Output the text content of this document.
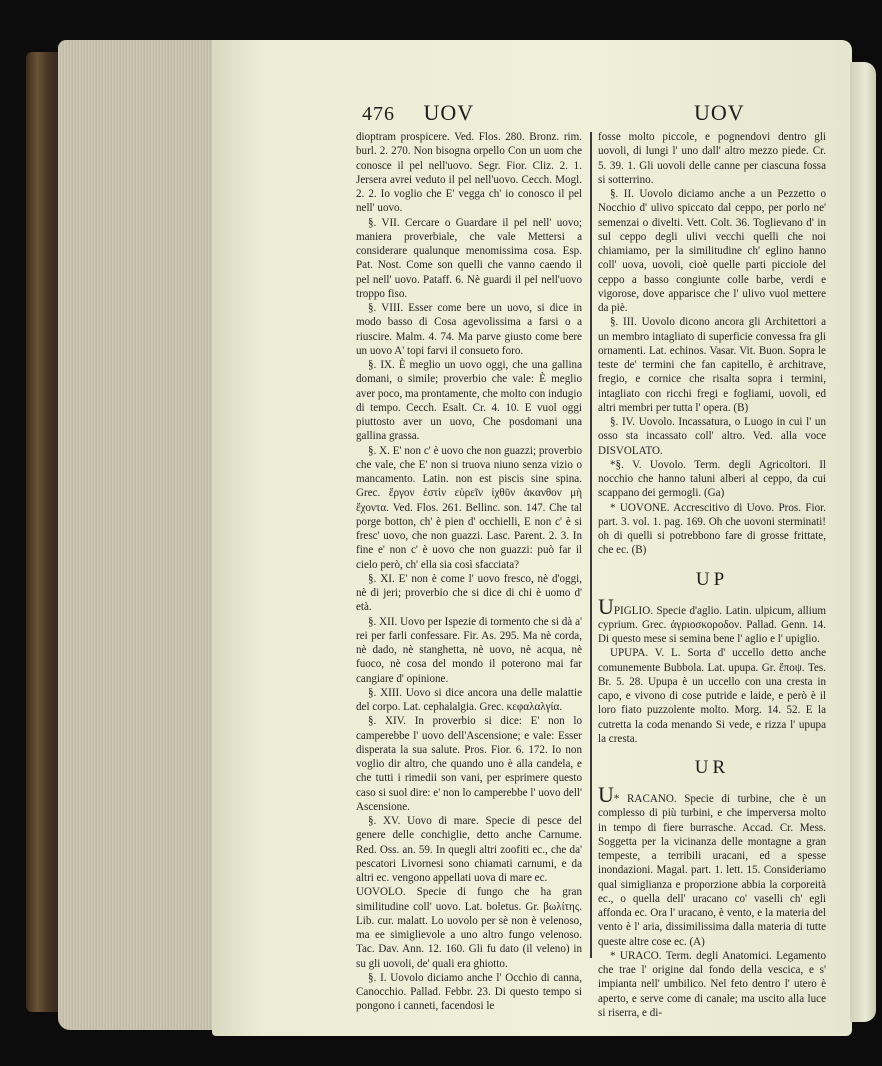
476 UOV	UOV

dioptram prospicere. Ved. Flos. 280. Bronz. rim. burl. 2. 270. Non bisogna orpello Con un uom che conosce il pel nell'uovo. Segr. Fior. Cliz. 2. 1. Jersera avrei veduto il pel nell'uovo. Cecch. Mogl. 2. 2. Io voglio che E' vegga ch' io conosco il pel nell' uovo.

§. VII. Cercare o Guardare il pel nell' uovo; maniera proverbiale, che vale Mettersi a considerare qualunque menomissima cosa. Esp. Pat. Nost. Come son quelli che vanno caendo il pel nell' uovo. Pataff. 6. Nè guardi il pel nell'uovo troppo fiso.

§. VIII. Esser come bere un uovo, si dice in modo basso di Cosa agevolissima a farsi o a riuscire. Malm. 4. 74. Ma parve giusto come bere un uovo A' topi farvi il consueto foro.

§. IX. È meglio un uovo oggi, che una gallina domani, o simile; proverbio che vale: È meglio aver poco, ma prontamente, che molto con indugio di tempo. Cecch. Esalt. Cr. 4. 10. E vuol oggi piuttosto aver un uovo, Che posdomani una gallina grassa.

§. X. E' non c' è uovo che non guazzi; proverbio che vale, che E' non si truova niuno senza vizio o mancamento. Latin. non est piscis sine spina. Grec. ἔργον ἐστὶν εὑρεῖν ἰχθῦν ἀκανθον μὴ ἔχοντα. Ved. Flos. 261. Bellinc. son. 147. Che tal porge botton, ch' è pien d' occhielli, E non c' è si fresc' uovo, che non guazzi. Lasc. Parent. 2. 3. In fine e' non c' è uovo che non guazzi: può far il cielo però, ch' ella sia così sfacciata?

§. XI. E' non è come l' uovo fresco, nè d'oggi, nè di jeri; proverbio che si dice di chi è uomo d' età.

§. XII. Uovo per Ispezie di tormento che si dà a' rei per farli confessare. Fir. As. 295. Ma nè corda, nè dado, nè stanghetta, nè uovo, nè acqua, nè fuoco, nè cosa del mondo il poterono mai far cangiare d' opinione.

§. XIII. Uovo si dice ancora una delle malattie del corpo. Lat. cephalalgia. Grec. κεφαλαλγία.

§. XIV. In proverbio si dice: E' non lo camperebbe l' uovo dell'Ascensione; e vale: Esser disperata la sua salute. Pros. Fior. 6. 172. Io non voglio dir altro, che quando uno è alla candela, e che tutti i rimedii son vani, per esprimere questo caso si suol dire: e' non lo camperebbe l' uovo dell' Ascensione.

§. XV. Uovo di mare. Specie di pesce del genere delle conchiglie, detto anche Carnume. Red. Oss. an. 59. In quegli altri zoofiti ec., che da' pescatori Livornesi sono chiamati carnumi, e da altri ec. vengono appellati uova di mare ec.

UOVOLO. Specie di fungo che ha gran similitudine coll' uovo. Lat. boletus. Gr. βωλίτης. Lib. cur. malatt. Lo uovolo per sè non è velenoso, ma ee simiglievole a uno altro fungo velenoso. Tac. Dav. Ann. 12. 160. Gli fu dato (il veleno) in su gli uovoli, de' quali era ghiotto.

§. I. Uovolo diciamo anche l' Occhio di canna, Canocchio. Pallad. Febbr. 23. Di questo tempo si pongono i canneti, facendosi le

fosse molto piccole, e pognendovi dentro gli uovoli, di lungi l' uno dall' altro mezzo piede. Cr. 5. 39. 1. Gli uovoli delle canne per ciascuna fossa si sotterrino.

§. II. Uovolo diciamo anche a un Pezzetto o Nocchio d' ulivo spiccato dal ceppo, per porlo ne' semenzai o divelti. Vett. Colt. 36. Toglievano d' in sul ceppo degli ulivi vecchi quelli che noi chiamiamo, per la similitudine ch' eglino hanno coll' uova, uovoli, cioè quelle parti picciole del ceppo a basso congiunte colle barbe, verdi e vigorose, dove apparisce che l' ulivo vuol mettere da piè.

§. III. Uovolo dicono ancora gli Architettori a un membro intagliato di superficie convessa fra gli ornamenti. Lat. echinos. Vasar. Vit. Buon. Sopra le teste de' termini che fan capitello, è architrave, fregio, e cornice che risalta sopra i termini, intagliato con ricchi fregi e fogliami, uovoli, ed altri membri per tutta l' opera. (B)

§. IV. Uovolo. Incassatura, o Luogo in cui l' un osso sta incassato coll' altro. Ved. alla voce DISVOLATO.

*§. V. Uovolo. Term. degli Agricoltori. Il nocchio che hanno taluni alberi al ceppo, da cui scappano dei germogli. (Ga)

* UOVONE. Accrescitivo di Uovo. Pros. Fior. part. 3. vol. 1. pag. 169. Oh che uovoni sterminati! oh di quelli si potrebbono fare di grosse frittate, che ec. (B)

UP

UPIGLIO. Specie d'aglio. Latin. ulpicum, allium cyprium. Grec. ἀγριοσκοροδον. Pallad. Genn. 14. Di questo mese si semina bene l' aglio e l' upiglio.

UPUPA. V. L. Sorta d' uccello detto anche comunemente Bubbola. Lat. upupa. Gr. ἔποψ. Tes. Br. 5. 28. Upupa è un uccello con una cresta in capo, e vivono di cose putride e laide, e però è il loro fiato puzzolente molto. Morg. 14. 52. E la cutretta la coda menando Si vede, e rizza l' upupa la cresta.

UR

U* RACANO. Specie di turbine, che è un complesso di più turbini, e che imperversa molto in tempo di fiere burrasche. Accad. Cr. Mess. Soggetta per la vicinanza delle montagne a gran tempeste, a terribili uracani, ed a spesse inondazioni. Magal. part. 1. lett. 15. Consideriamo qual simiglianza e proporzione abbia la corporeità ec., o quella dell' uracano co' vaselli ch' egli affonda ec. Ora l' uracano, è vento, e la materia del vento è l' aria, dissimilissima dalla materia di tutte queste altre cose ec. (A)

* URACO. Term. degli Anatomici. Legamento che trae l' origine dal fondo della vescica, e s' impianta nell' umbilico. Nel feto dentro l' utero è aperto, e serve come di canale; ma uscito alla luce si riserra, e di-
